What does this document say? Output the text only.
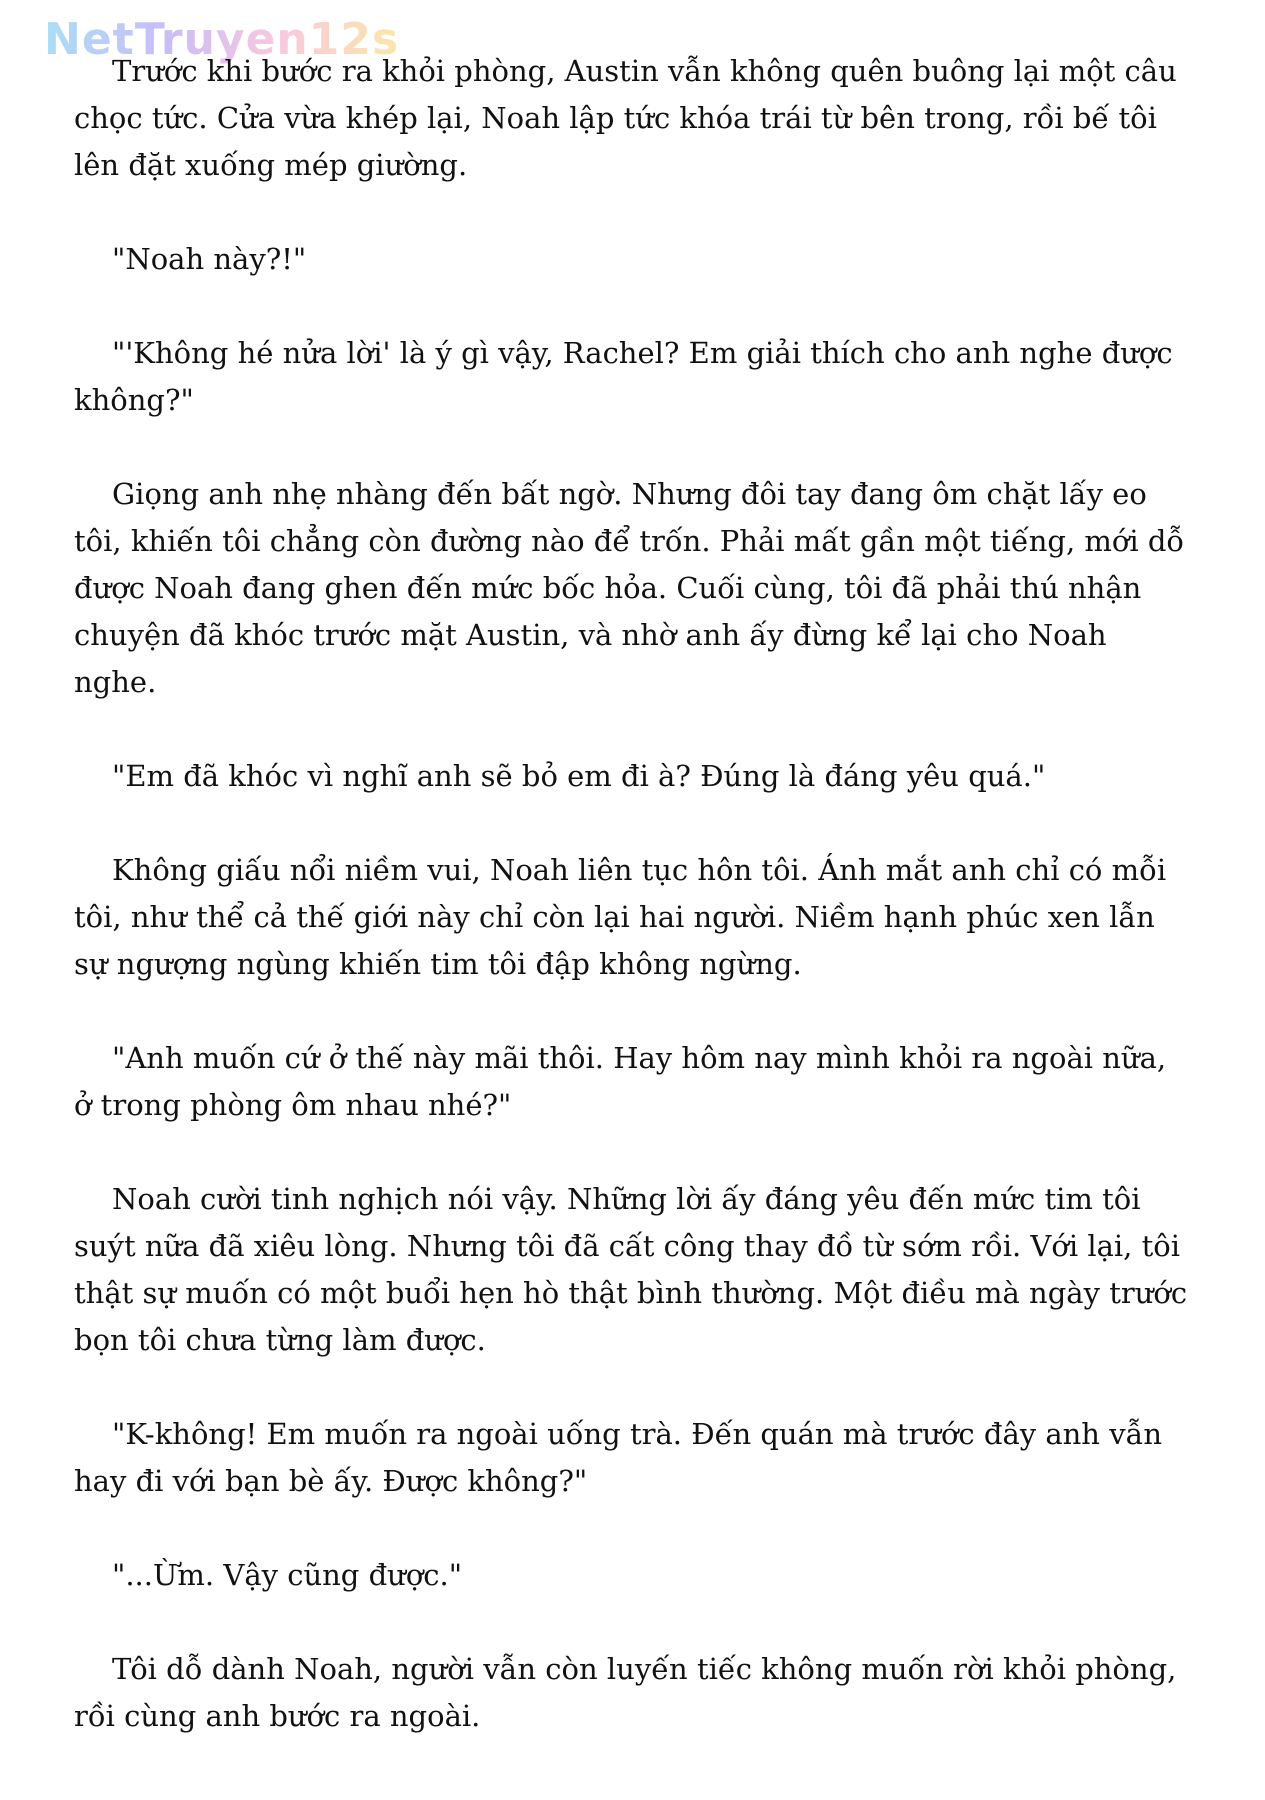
NetTruyen12s

Trước khi bước ra khỏi phòng, Austin vẫn không quên buông lại một câu chọc tức. Cửa vừa khép lại, Noah lập tức khóa trái từ bên trong, rồi bế tôi lên đặt xuống mép giường.

"Noah này?!"

"'Không hé nửa lời' là ý gì vậy, Rachel? Em giải thích cho anh nghe được không?"

Giọng anh nhẹ nhàng đến bất ngờ. Nhưng đôi tay đang ôm chặt lấy eo tôi, khiến tôi chẳng còn đường nào để trốn. Phải mất gần một tiếng, mới dỗ được Noah đang ghen đến mức bốc hỏa. Cuối cùng, tôi đã phải thú nhận chuyện đã khóc trước mặt Austin, và nhờ anh ấy đừng kể lại cho Noah nghe.

"Em đã khóc vì nghĩ anh sẽ bỏ em đi à? Đúng là đáng yêu quá."

Không giấu nổi niềm vui, Noah liên tục hôn tôi. Ánh mắt anh chỉ có mỗi tôi, như thể cả thế giới này chỉ còn lại hai người. Niềm hạnh phúc xen lẫn sự ngượng ngùng khiến tim tôi đập không ngừng.

"Anh muốn cứ ở thế này mãi thôi. Hay hôm nay mình khỏi ra ngoài nữa, ở trong phòng ôm nhau nhé?"

Noah cười tinh nghịch nói vậy. Những lời ấy đáng yêu đến mức tim tôi suýt nữa đã xiêu lòng. Nhưng tôi đã cất công thay đồ từ sớm rồi. Với lại, tôi thật sự muốn có một buổi hẹn hò thật bình thường. Một điều mà ngày trước bọn tôi chưa từng làm được.

"K-không! Em muốn ra ngoài uống trà. Đến quán mà trước đây anh vẫn hay đi với bạn bè ấy. Được không?"

"...Ừm. Vậy cũng được."

Tôi dỗ dành Noah, người vẫn còn luyến tiếc không muốn rời khỏi phòng, rồi cùng anh bước ra ngoài.
